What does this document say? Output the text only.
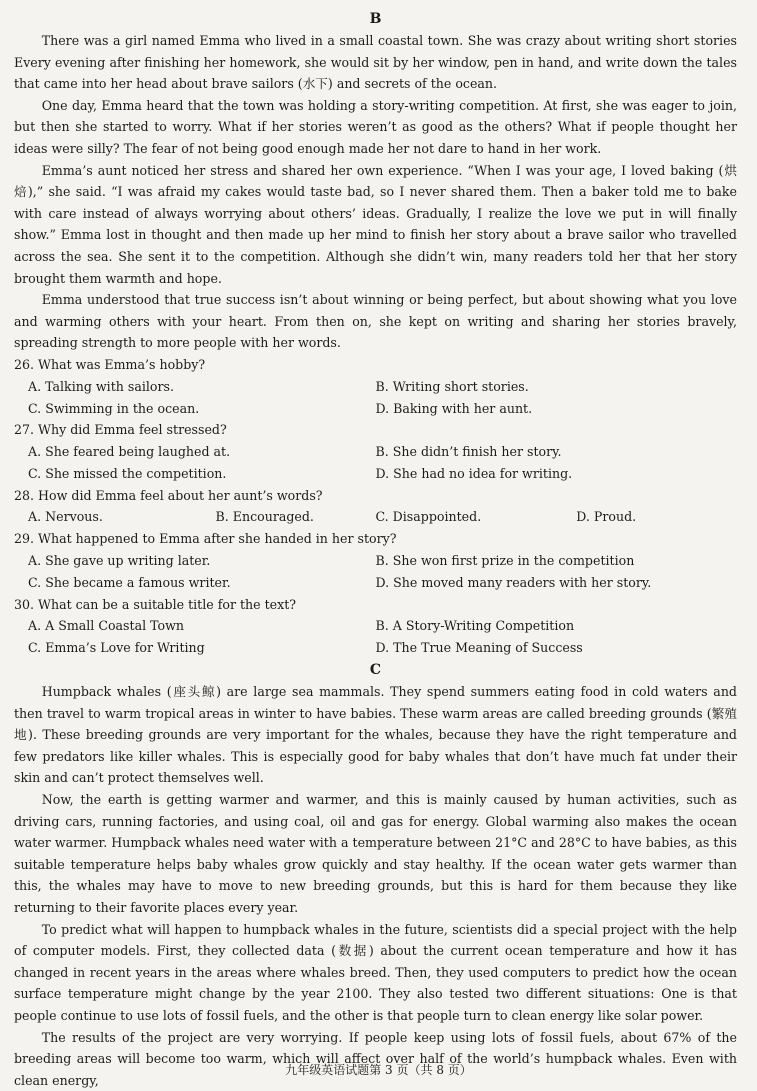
B

There was a girl named Emma who lived in a small coastal town. She was crazy about writing short stories Every evening after finishing her homework, she would sit by her window, pen in hand, and write down the tales that came into her head about brave sailors (水下) and secrets of the ocean.

One day, Emma heard that the town was holding a story-writing competition. At first, she was eager to join, but then she started to worry. What if her stories weren’t as good as the others? What if people thought her ideas were silly? The fear of not being good enough made her not dare to hand in her work.

Emma’s aunt noticed her stress and shared her own experience. “When I was your age, I loved baking (烘焙),” she said. “I was afraid my cakes would taste bad, so I never shared them. Then a baker told me to bake with care instead of always worrying about others’ ideas. Gradually, I realize the love we put in will finally show.” Emma lost in thought and then made up her mind to finish her story about a brave sailor who travelled across the sea. She sent it to the competition. Although she didn’t win, many readers told her that her story brought them warmth and hope.

Emma understood that true success isn’t about winning or being perfect, but about showing what you love and warming others with your heart. From then on, she kept on writing and sharing her stories bravely, spreading strength to more people with her words.

26. What was Emma’s hobby?

A. Talking with sailors.	B. Writing short stories.
C. Swimming in the ocean.	D. Baking with her aunt.

27. Why did Emma feel stressed?

A. She feared being laughed at.	B. She didn’t finish her story.
C. She missed the competition.	D. She had no idea for writing.

28. How did Emma feel about her aunt’s words?

A. Nervous.	B. Encouraged.	C. Disappointed.	D. Proud.

29. What happened to Emma after she handed in her story?

A. She gave up writing later.	B. She won first prize in the competition
C. She became a famous writer.	D. She moved many readers with her story.

30. What can be a suitable title for the text?

A. A Small Coastal Town	B. A Story-Writing Competition
C. Emma’s Love for Writing	D. The True Meaning of Success
C

Humpback whales (座头鲸) are large sea mammals. They spend summers eating food in cold waters and then travel to warm tropical areas in winter to have babies. These warm areas are called breeding grounds (繁殖地). These breeding grounds are very important for the whales, because they have the right temperature and few predators like killer whales. This is especially good for baby whales that don’t have much fat under their skin and can’t protect themselves well.

Now, the earth is getting warmer and warmer, and this is mainly caused by human activities, such as driving cars, running factories, and using coal, oil and gas for energy. Global warming also makes the ocean water warmer. Humpback whales need water with a temperature between 21°C and 28°C to have babies, as this suitable temperature helps baby whales grow quickly and stay healthy. If the ocean water gets warmer than this, the whales may have to move to new breeding grounds, but this is hard for them because they like returning to their favorite places every year.

To predict what will happen to humpback whales in the future, scientists did a special project with the help of computer models. First, they collected data (数据) about the current ocean temperature and how it has changed in recent years in the areas where whales breed. Then, they used computers to predict how the ocean surface temperature might change by the year 2100. They also tested two different situations: One is that people continue to use lots of fossil fuels, and the other is that people turn to clean energy like solar power.

The results of the project are very worrying. If people keep using lots of fossil fuels, about 67% of the breeding areas will become too warm, which will affect over half of the world’s humpback whales. Even with clean energy,

九年级英语试题第 3 页（共 8 页）
